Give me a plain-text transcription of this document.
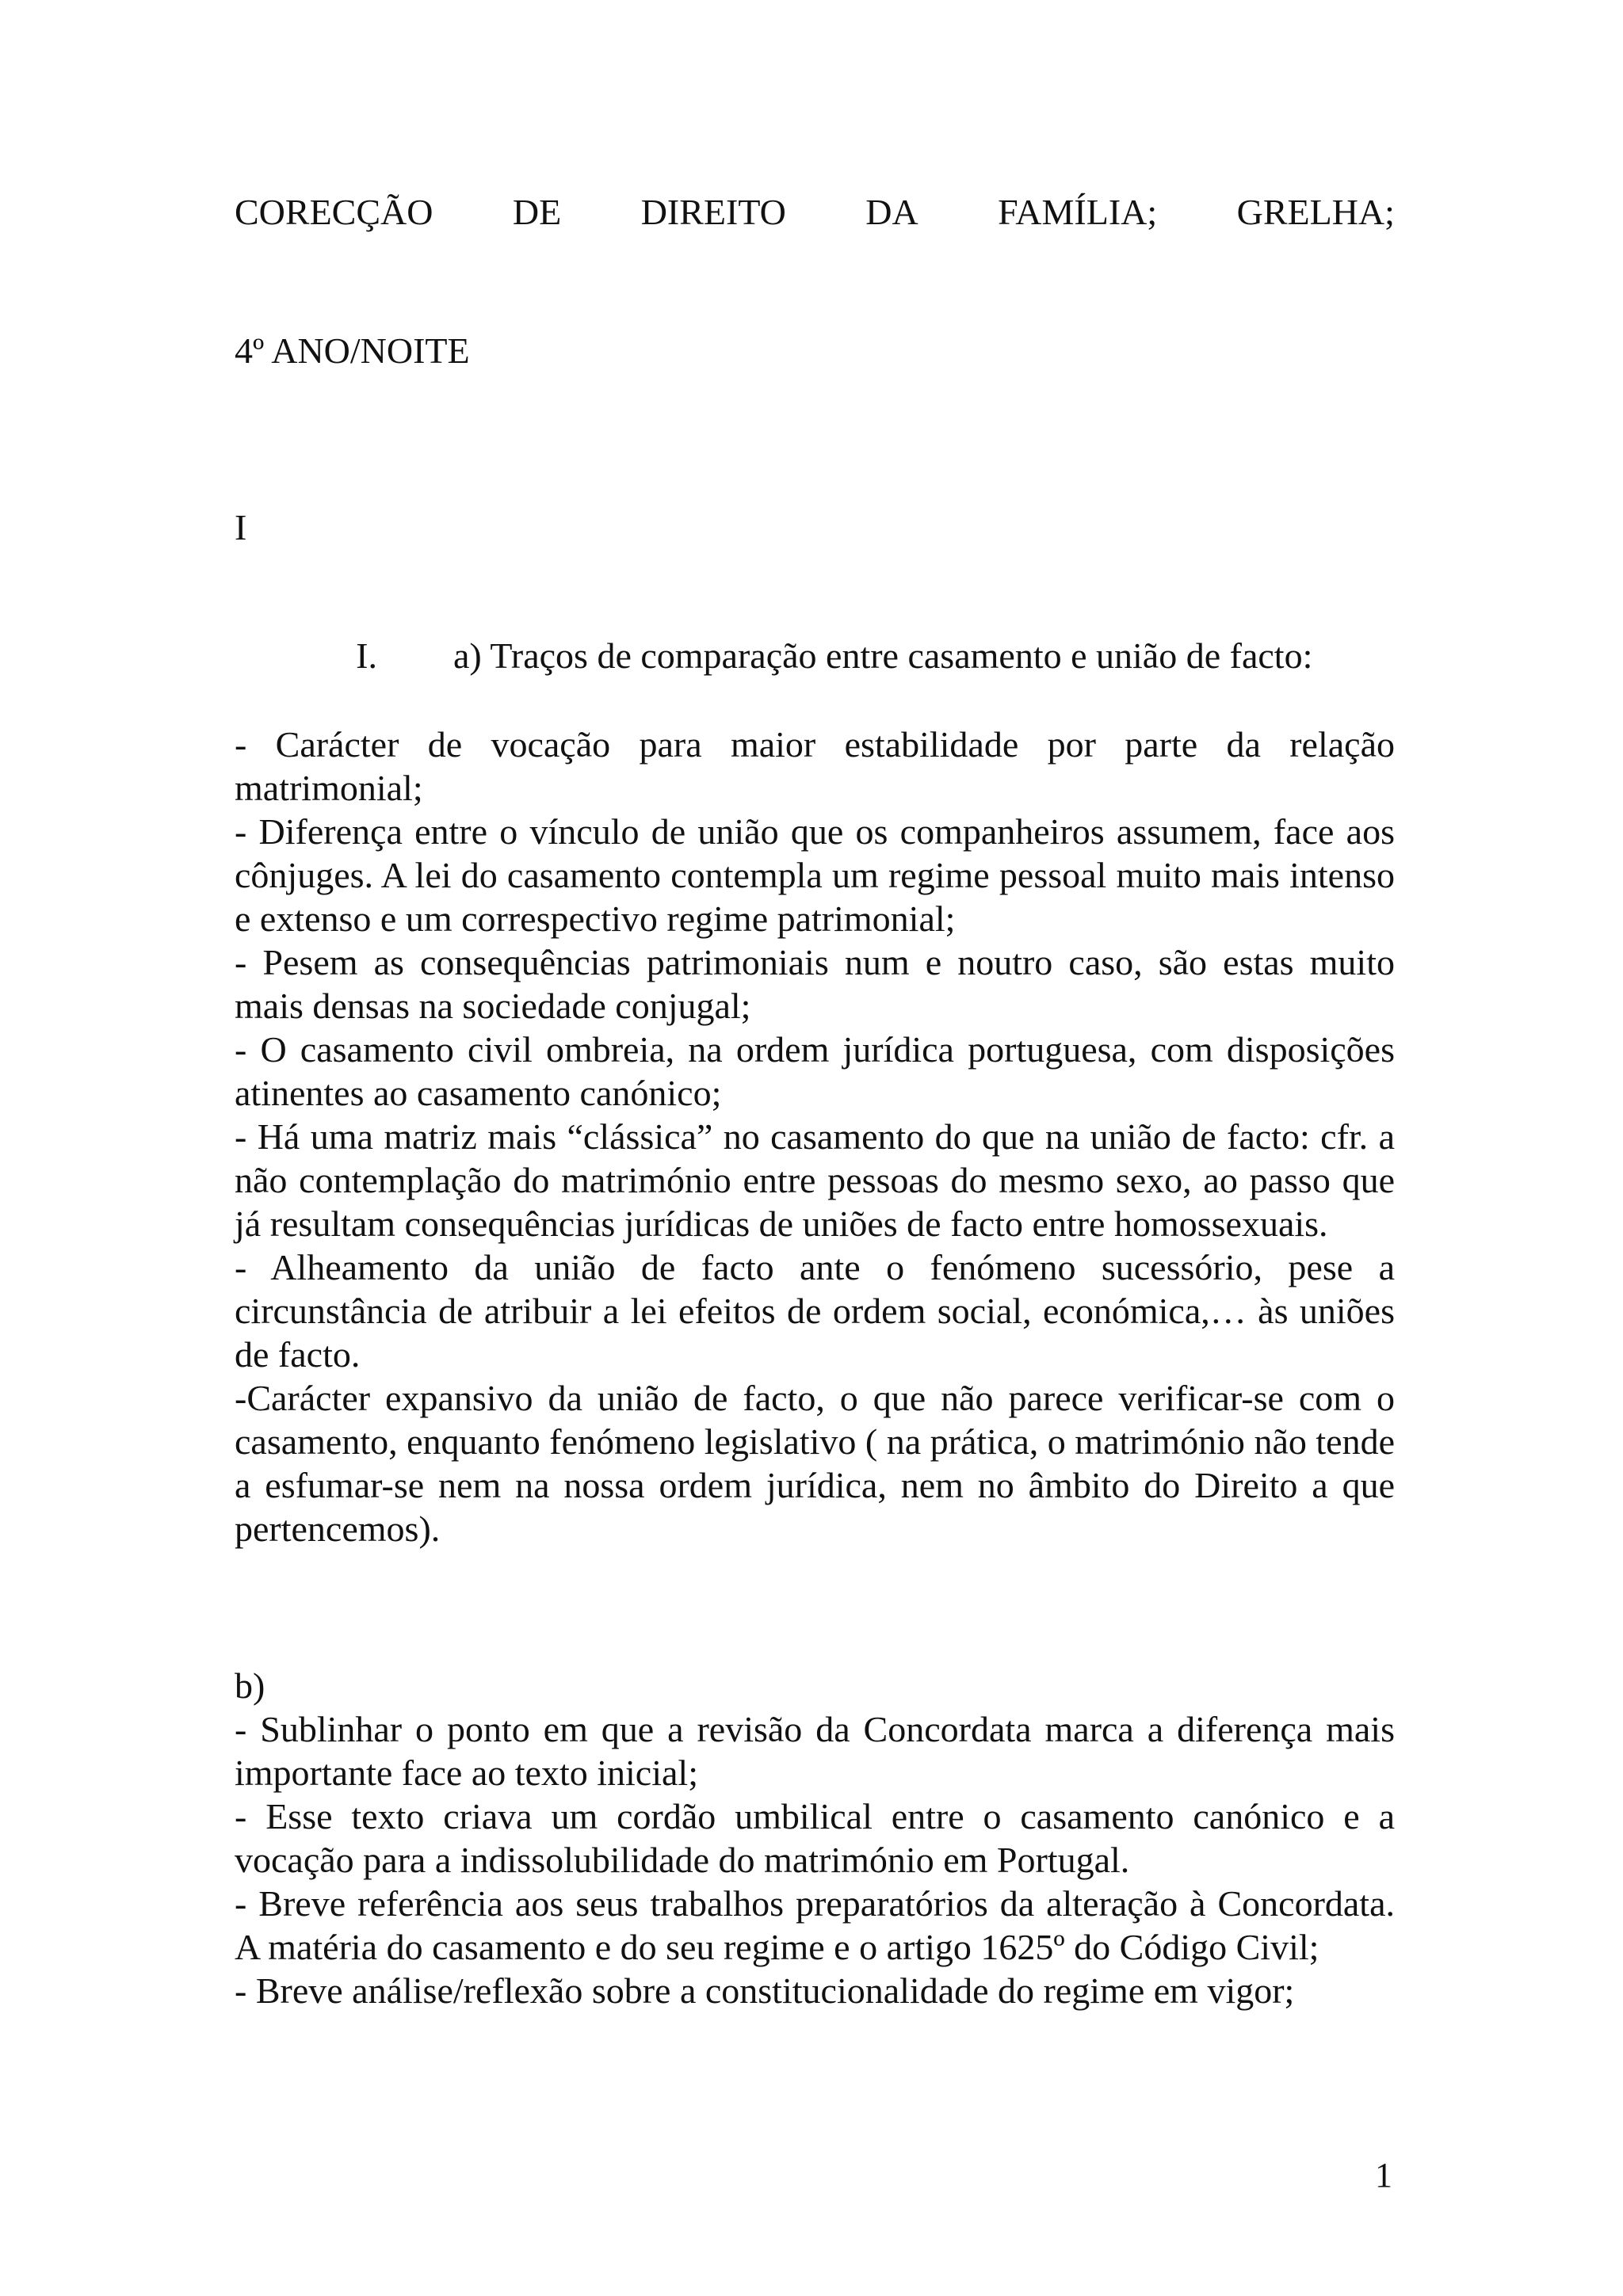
CORECÇÃO DE DIREITO DA FAMÍLIA; GRELHA;

4º ANO/NOITE

I

I. a) Traços de comparação entre casamento e união de facto:

- Carácter de vocação para maior estabilidade por parte da relação matrimonial;

- Diferença entre o vínculo de união que os companheiros assumem, face aos cônjuges. A lei do casamento contempla um regime pessoal muito mais intenso e extenso e um correspectivo regime patrimonial;

- Pesem as consequências patrimoniais num e noutro caso, são estas muito mais densas na sociedade conjugal;

- O casamento civil ombreia, na ordem jurídica portuguesa, com disposições atinentes ao casamento canónico;

- Há uma matriz mais “clássica” no casamento do que na união de facto: cfr. a não contemplação do matrimónio entre pessoas do mesmo sexo, ao passo que já resultam consequências jurídicas de uniões de facto entre homossexuais.

- Alheamento da união de facto ante o fenómeno sucessório, pese a circunstância de atribuir a lei efeitos de ordem social, económica,… às uniões de facto.

-Carácter expansivo da união de facto, o que não parece verificar-se com o casamento, enquanto fenómeno legislativo ( na prática, o matrimónio não tende a esfumar-se nem na nossa ordem jurídica, nem no âmbito do Direito a que pertencemos).

b)

- Sublinhar o ponto em que a revisão da Concordata marca a diferença mais importante face ao texto inicial;

- Esse texto criava um cordão umbilical entre o casamento canónico e a vocação para a indissolubilidade do matrimónio em Portugal.

- Breve referência aos seus trabalhos preparatórios da alteração à Concordata. A matéria do casamento e do seu regime e o artigo 1625º do Código Civil;

- Breve análise/reflexão sobre a constitucionalidade do regime em vigor;

1
